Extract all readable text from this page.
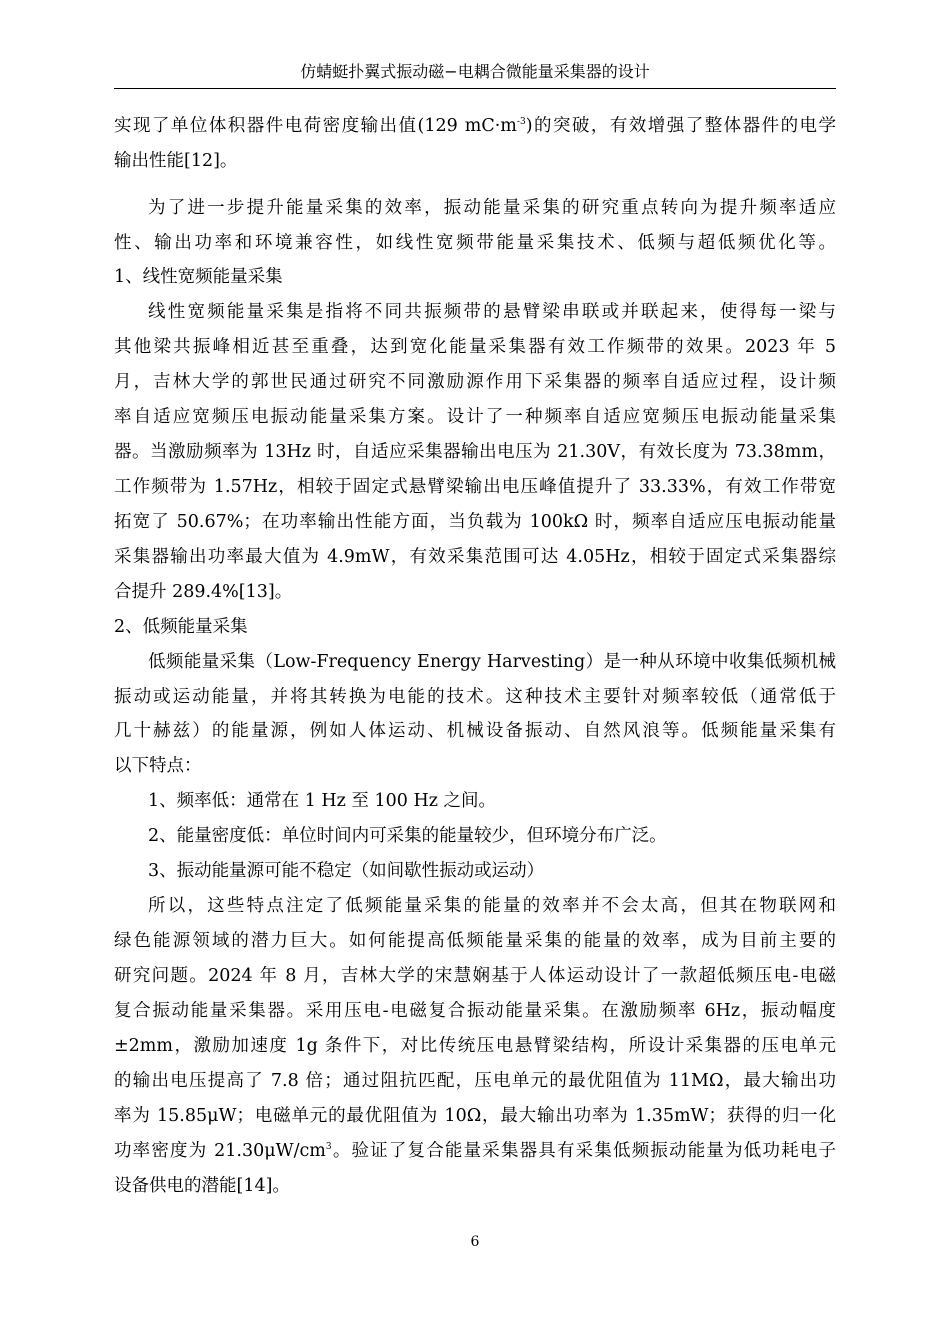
仿蜻蜓扑翼式振动磁−电耦合微能量采集器的设计
实现了单位体积器件电荷密度输出值(129 $mC\cdot m^{-3}$)的突破，有效增强了整体器件的电学
输出性能[12]。
为了进一步提升能量采集的效率，振动能量采集的研究重点转向为提升频率适应
性、输出功率和环境兼容性，如线性宽频带能量采集技术、低频与超低频优化等。
1、线性宽频能量采集
线性宽频能量采集是指将不同共振频带的悬臂梁串联或并联起来，使得每一梁与
其他梁共振峰相近甚至重叠，达到宽化能量采集器有效工作频带的效果。2023 年 5
月，吉林大学的郭世民通过研究不同激励源作用下采集器的频率自适应过程，设计频
率自适应宽频压电振动能量采集方案。设计了一种频率自适应宽频压电振动能量采集
器。当激励频率为 13Hz 时，自适应采集器输出电压为 21.30V，有效长度为 73.38mm，
工作频带为 1.57Hz，相较于固定式悬臂梁输出电压峰值提升了 33.33%，有效工作带宽
拓宽了 50.67%；在功率输出性能方面，当负载为 100kΩ 时，频率自适应压电振动能量
采集器输出功率最大值为 4.9mW，有效采集范围可达 4.05Hz，相较于固定式采集器综
合提升 289.4%[13]。
2、低频能量采集
低频能量采集（Low-Frequency Energy Harvesting）是一种从环境中收集低频机械
振动或运动能量，并将其转换为电能的技术。这种技术主要针对频率较低（通常低于
几十赫兹）的能量源，例如人体运动、机械设备振动、自然风浪等。低频能量采集有
以下特点：
1、频率低：通常在 1 Hz 至 100 Hz 之间。
2、能量密度低：单位时间内可采集的能量较少，但环境分布广泛。
3、振动能量源可能不稳定（如间歇性振动或运动）
所以，这些特点注定了低频能量采集的能量的效率并不会太高，但其在物联网和
绿色能源领域的潜力巨大。如何能提高低频能量采集的能量的效率，成为目前主要的
研究问题。2024 年 8 月，吉林大学的宋慧娴基于人体运动设计了一款超低频压电-电磁
复合振动能量采集器。采用压电-电磁复合振动能量采集。在激励频率 6Hz，振动幅度
±2mm，激励加速度 1g 条件下，对比传统压电悬臂梁结构，所设计采集器的压电单元
的输出电压提高了 7.8 倍；通过阻抗匹配，压电单元的最优阻值为 11MΩ，最大输出功
率为 15.85μW；电磁单元的最优阻值为 10Ω，最大输出功率为 1.35mW；获得的归一化
功率密度为 $21.30\mu W/cm^3$。验证了复合能量采集器具有采集低频振动能量为低功耗电子
设备供电的潜能[14]。
6
